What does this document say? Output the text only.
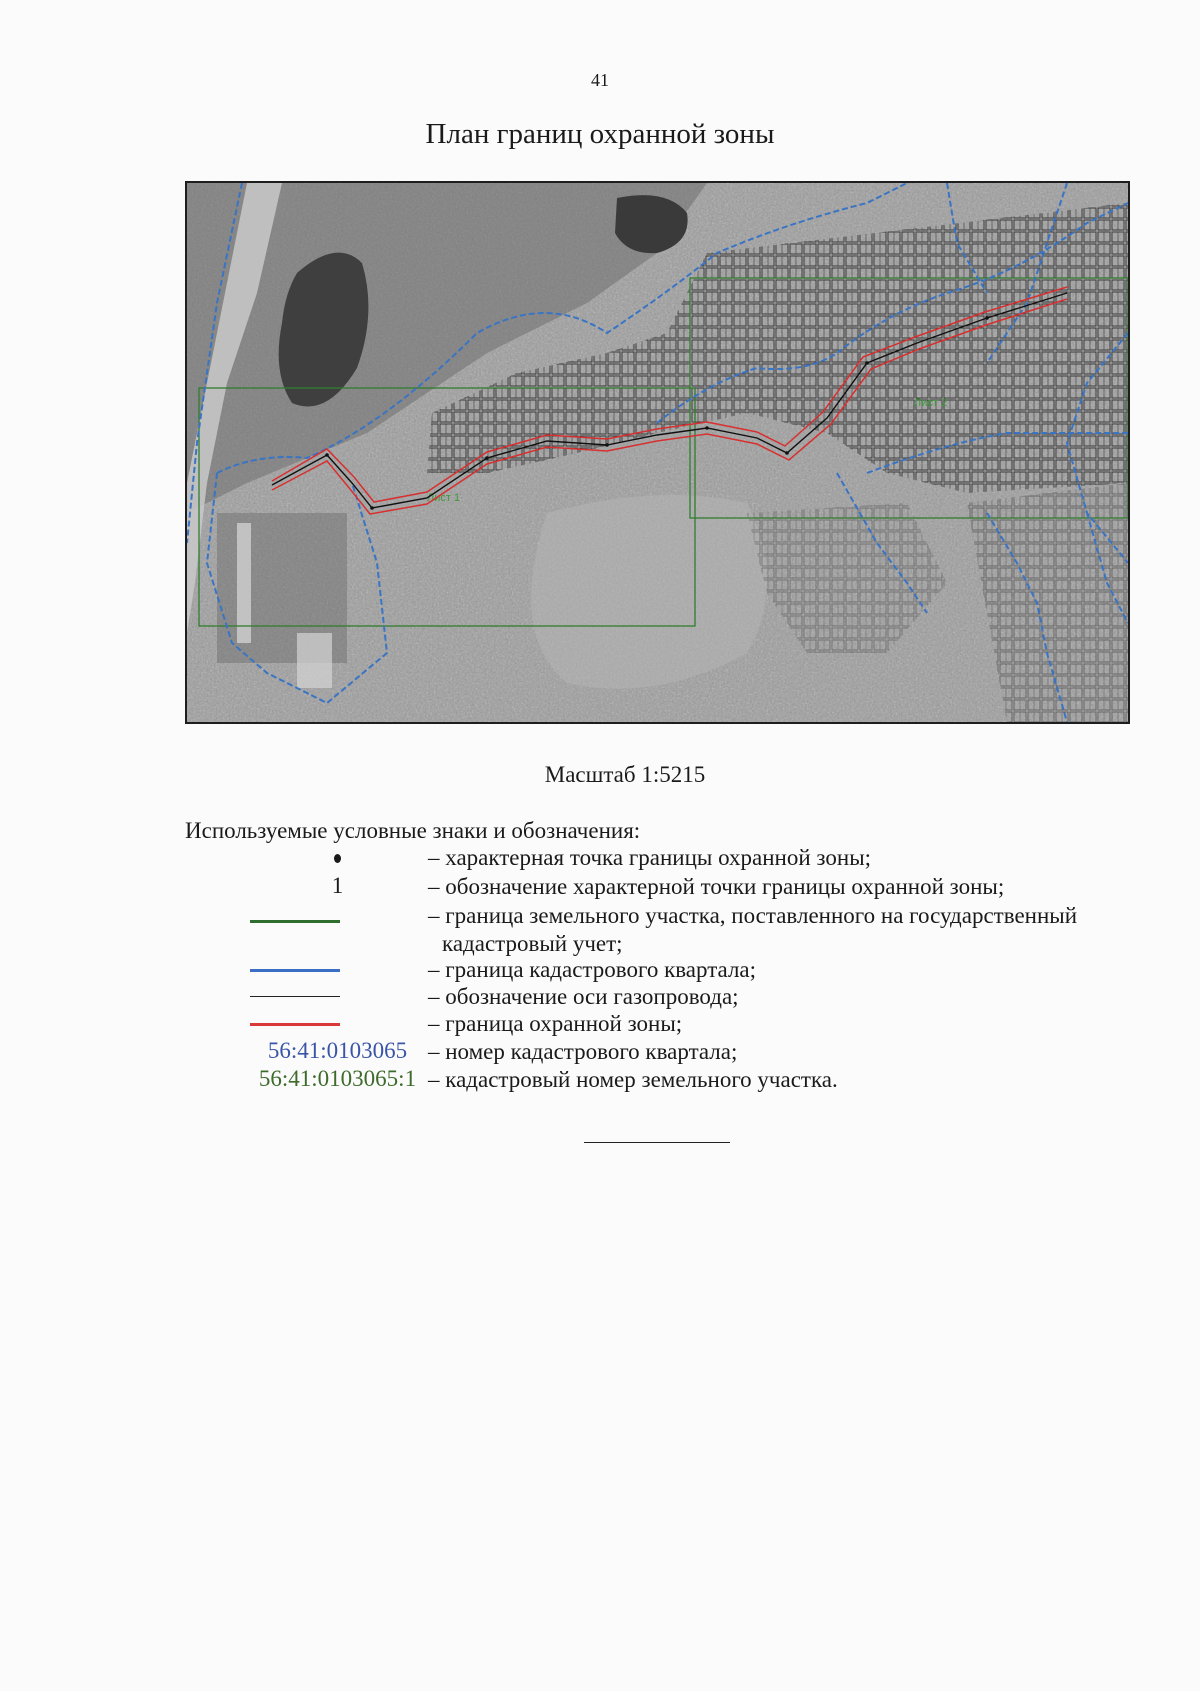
41
План границ охранной зоны
Лист 1
Лист 2
Масштаб 1:5215
Используемые условные знаки и обозначения:
– характерная точка границы охранной зоны;
1	– обозначение характерной точки границы охранной зоны;
– граница земельного участка, поставленного на государственный
кадастровый учет;
– граница кадастрового квартала;
– обозначение оси газопровода;
– граница охранной зоны;
56:41:0103065 – номер кадастрового квартала;
56:41:0103065:1 – кадастровый номер земельного участка.
